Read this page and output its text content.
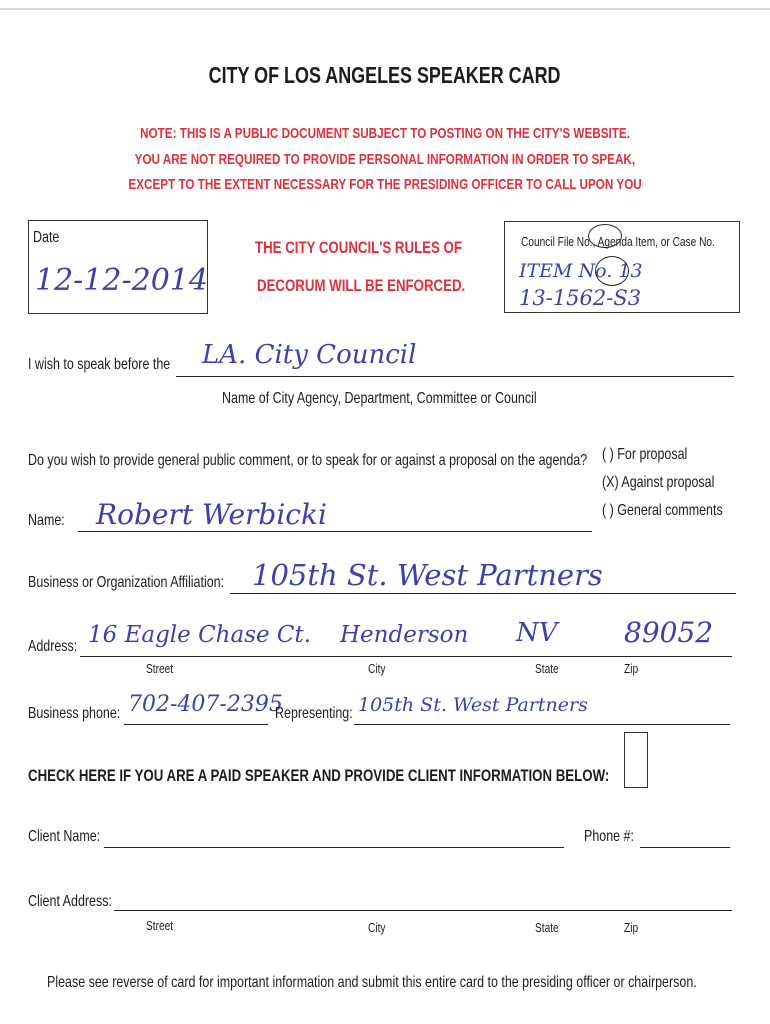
CITY OF LOS ANGELES SPEAKER CARD
NOTE: THIS IS A PUBLIC DOCUMENT SUBJECT TO POSTING ON THE CITY'S WEBSITE.
YOU ARE NOT REQUIRED TO PROVIDE PERSONAL INFORMATION IN ORDER TO SPEAK,
EXCEPT TO THE EXTENT NECESSARY FOR THE PRESIDING OFFICER TO CALL UPON YOU
Date
12-12-2014
THE CITY COUNCIL'S RULES OF
DECORUM WILL BE ENFORCED.
Council File No., Agenda Item, or Case No.
ITEM No. 13
13-1562-S3
I wish to speak before the	LA. City Council
Name of City Agency, Department, Committee or Council
Do you wish to provide general public comment, or to speak for or against a proposal on the agenda? ( ) For proposal
(X) Against proposal
( ) General comments
Name:	Robert Werbicki
Business or Organization Affiliation: 105th St. West Partners
Address: 16 Eagle Chase Ct. Henderson NV 89052
Street	City	State	Zip
Business phone: 702-407-2395
Representing: 105th St. West Partners
CHECK HERE IF YOU ARE A PAID SPEAKER AND PROVIDE CLIENT INFORMATION BELOW:
Client Name:	Phone #:
Client Address:
Street	City	State	Zip
Please see reverse of card for important information and submit this entire card to the presiding officer or chairperson.
